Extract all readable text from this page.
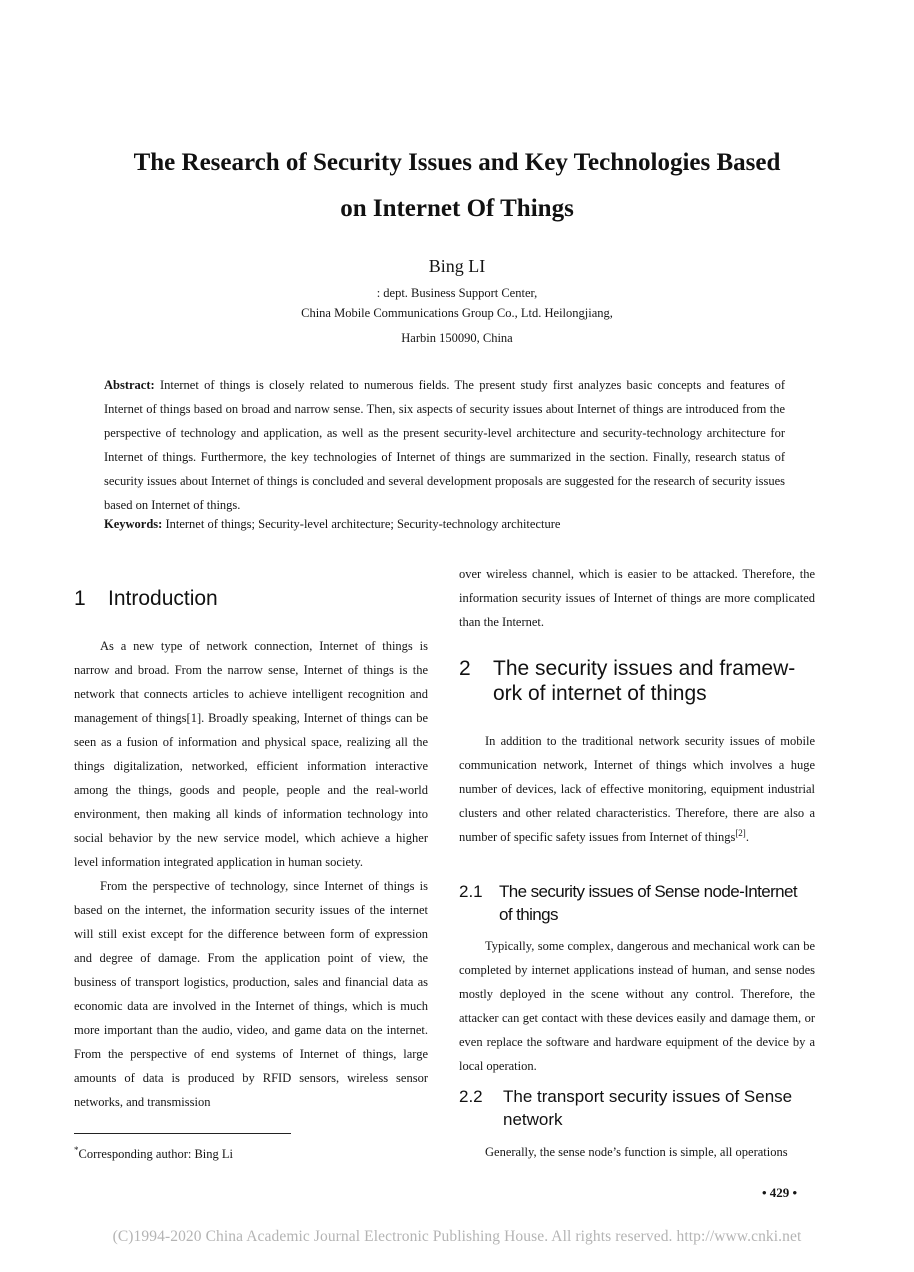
The Research of Security Issues and Key Technologies Based
on Internet Of Things
Bing LI
: dept. Business Support Center,
China Mobile Communications Group Co., Ltd. Heilongjiang,
Harbin 150090, China

Abstract: Internet of things is closely related to numerous fields. The present study first analyzes basic concepts and features of Internet of things based on broad and narrow sense. Then, six aspects of security issues about Internet of things are introduced from the perspective of technology and application, as well as the present security-level architecture and security-technology architecture for Internet of things. Furthermore, the key technologies of Internet of things are summarized in the section. Finally, research status of security issues about Internet of things is concluded and several development proposals are suggested for the research of security issues based on Internet of things.

Keywords: Internet of things; Security-level architecture; Security-technology architecture
1 Introduction

As a new type of network connection, Internet of things is narrow and broad. From the narrow sense, Internet of things is the network that connects articles to achieve intelligent recognition and management of things[1]. Broadly speaking, Internet of things can be seen as a fusion of information and physical space, realizing all the things digitalization, networked, efficient information interactive among the things, goods and people, people and the real-world environment, then making all kinds of information technology into social behavior by the new service model, which achieve a higher level information integrated application in human society.

From the perspective of technology, since Internet of things is based on the internet, the information security issues of the internet will still exist except for the difference between form of expression and degree of damage. From the application point of view, the business of transport logistics, production, sales and financial data as economic data are involved in the Internet of things, which is much more important than the audio, video, and game data on the internet. From the perspective of end systems of Internet of things, large amounts of data is produced by RFID sensors, wireless sensor networks, and transmission

*Corresponding author: Bing Li

over wireless channel, which is easier to be attacked. Therefore, the information security issues of Internet of things are more complicated than the Internet.

2 The security issues and framew-
ork of internet of things

In addition to the traditional network security issues of mobile communication network, Internet of things which involves a huge number of devices, lack of effective monitoring, equipment industrial clusters and other related characteristics. Therefore, there are also a number of specific safety issues from Internet of things[2].

2.1 The security issues of Sense node-Internet
of things

Typically, some complex, dangerous and mechanical work can be completed by internet applications instead of human, and sense nodes mostly deployed in the scene without any control. Therefore, the attacker can get contact with these devices easily and damage them, or even replace the software and hardware equipment of the device by a local operation.

2.2 The transport security issues of Sense
network

Generally, the sense node’s function is simple, all operations

• 429 •
(C)1994-2020 China Academic Journal Electronic Publishing House. All rights reserved. http://www.cnki.net
